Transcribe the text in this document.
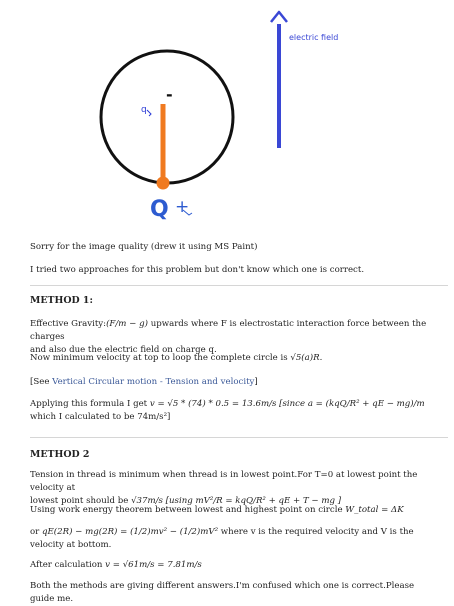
q
-
Q +
electric field
Sorry for the image quality (drew it using MS Paint)
I tried two approaches for this problem but don't know which one is correct.
METHOD 1:
Effective Gravity:(F/m − g) upwards where F is electrostatic interaction force between the charges
and also due the electric field on charge q.
Now minimum velocity at top to loop the complete circle is √5(a)R.
[See Vertical Circular motion - Tension and velocity]
Applying this formula I get v = √5 * (74) * 0.5 = 13.6m/s [since a = (kqQ/R² + qE − mg)/m
which I calculated to be 74m/s²]
METHOD 2
Tension in thread is minimum when thread is in lowest point.For T=0 at lowest point the velocity at
lowest point should be √37m/s [using mV²/R = kqQ/R² + qE + T − mg ]
Using work energy theorem between lowest and highest point on circle W_total = ΔK
or qE(2R) − mg(2R) = (1/2)mv² − (1/2)mV² where v is the required velocity and V is the
velocity at bottom.
After calculation v = √61m/s = 7.81m/s
Both the methods are giving different answers.I'm confused which one is correct.Please guide me.
